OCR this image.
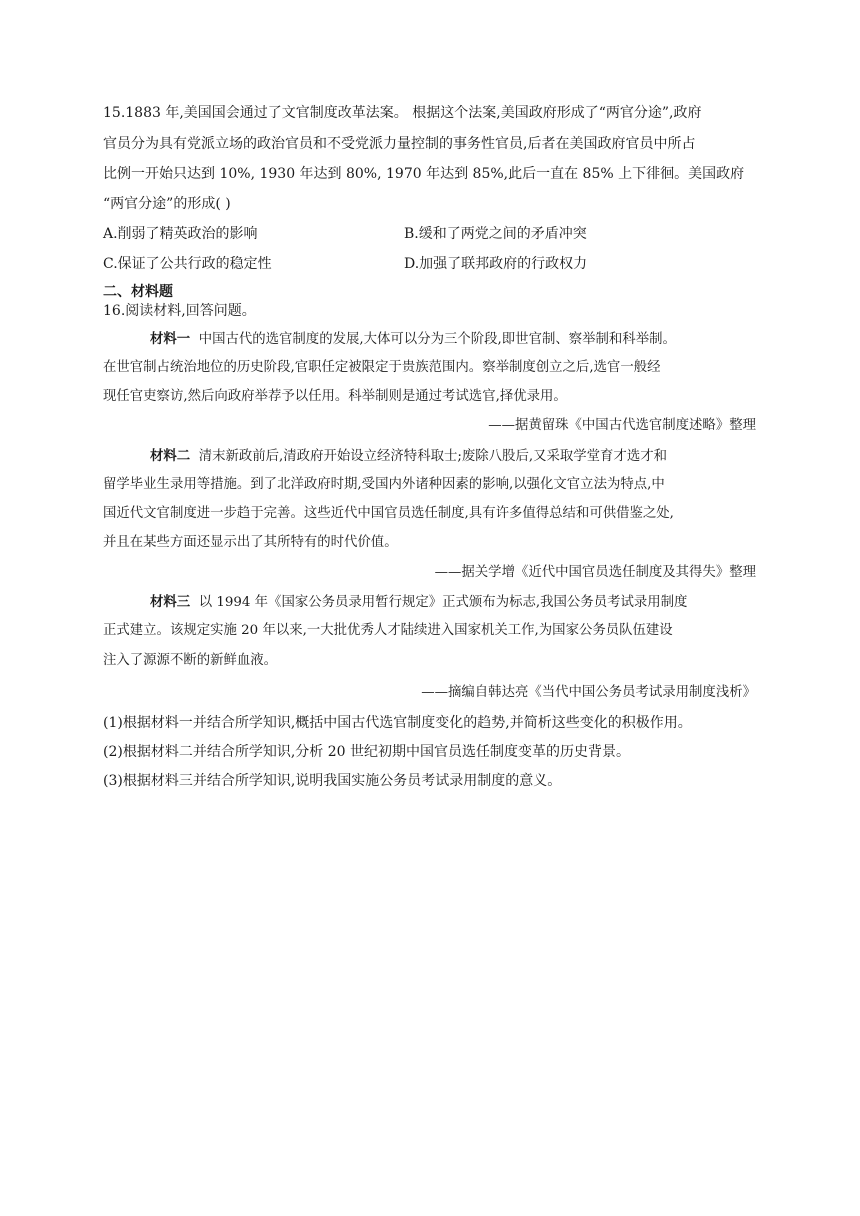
15.1883 年,美国国会通过了文官制度改革法案。 根据这个法案,美国政府形成了“两官分途”,政府
官员分为具有党派立场的政治官员和不受党派力量控制的事务性官员,后者在美国政府官员中所占
比例一开始只达到 10%, 1930 年达到 80%, 1970 年达到 85%,此后一直在 85% 上下徘徊。美国政府
“两官分途”的形成( )
A.削弱了精英政治的影响	B.缓和了两党之间的矛盾冲突
C.保证了公共行政的稳定性	D.加强了联邦政府的行政权力
二、材料题
16.阅读材料,回答问题。
材料一 中国古代的选官制度的发展,大体可以分为三个阶段,即世官制、察举制和科举制。
在世官制占统治地位的历史阶段,官职任定被限定于贵族范围内。察举制度创立之后,选官一般经
现任官吏察访,然后向政府举荐予以任用。科举制则是通过考试选官,择优录用。
——据黄留珠《中国古代选官制度述略》整理
材料二 清末新政前后,清政府开始设立经济特科取士;废除八股后,又采取学堂育才选才和
留学毕业生录用等措施。到了北洋政府时期,受国内外诸种因素的影响,以强化文官立法为特点,中
国近代文官制度进一步趋于完善。这些近代中国官员选任制度,具有许多值得总结和可供借鉴之处,
并且在某些方面还显示出了其所特有的时代价值。
——据关学增《近代中国官员选任制度及其得失》整理
材料三 以 1994 年《国家公务员录用暂行规定》正式颁布为标志,我国公务员考试录用制度
正式建立。该规定实施 20 年以来,一大批优秀人才陆续进入国家机关工作,为国家公务员队伍建设
注入了源源不断的新鲜血液。
——摘编自韩达亮《当代中国公务员考试录用制度浅析》
(1)根据材料一并结合所学知识,概括中国古代选官制度变化的趋势,并简析这些变化的积极作用。
(2)根据材料二并结合所学知识,分析 20 世纪初期中国官员选任制度变革的历史背景。
(3)根据材料三并结合所学知识,说明我国实施公务员考试录用制度的意义。
